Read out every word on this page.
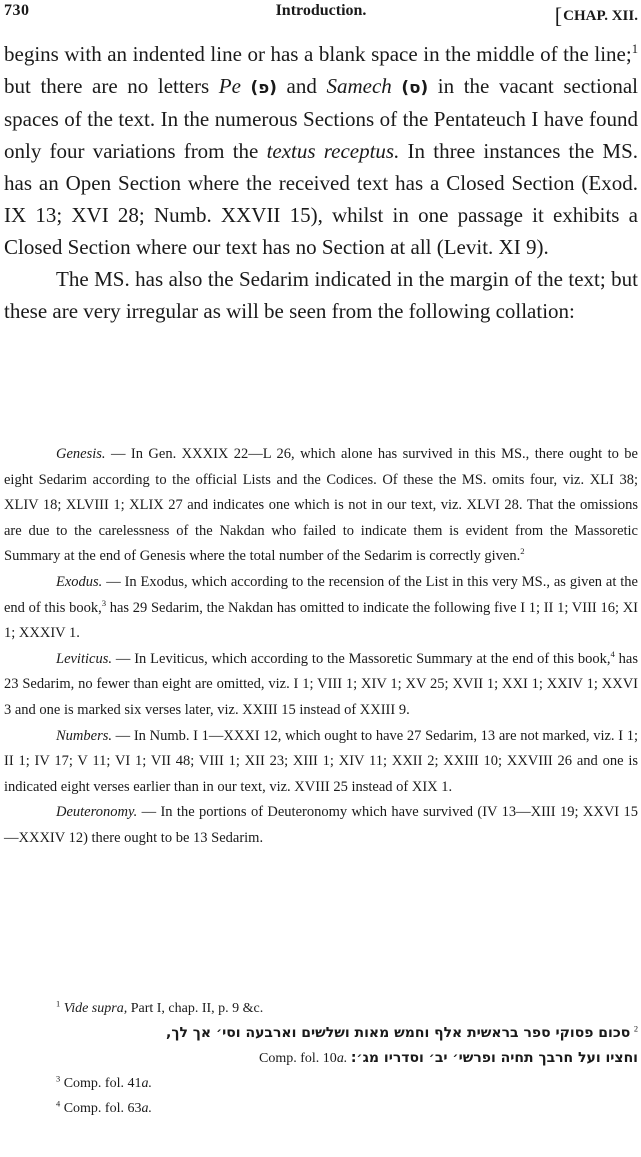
730	Introduction.	[CHAP. XII.

begins with an indented line or has a blank space in the middle of the line;$^1$ but there are no letters Pe (פ) and Samech (ס) in the vacant sectional spaces of the text. In the numerous Sections of the Pentateuch I have found only four variations from the textus receptus. In three instances the MS. has an Open Section where the received text has a Closed Section (Exod. IX 13; XVI 28; Numb. XXVII 15), whilst in one passage it exhibits a Closed Section where our text has no Section at all (Levit. XI 9).

The MS. has also the Sedarim indicated in the margin of the text; but these are very irregular as will be seen from the following collation:

Genesis. — In Gen. XXXIX 22—L 26, which alone has survived in this MS., there ought to be eight Sedarim according to the official Lists and the Codices. Of these the MS. omits four, viz. XLI 38; XLIV 18; XLVIII 1; XLIX 27 and indicates one which is not in our text, viz. XLVI 28. That the omissions are due to the carelessness of the Nakdan who failed to indicate them is evident from the Massoretic Summary at the end of Genesis where the total number of the Sedarim is correctly given.$^2$

Exodus. — In Exodus, which according to the recension of the List in this very MS., as given at the end of this book,$^3$ has 29 Sedarim, the Nakdan has omitted to indicate the following five I 1; II 1; VIII 16; XI 1; XXXIV 1.

Leviticus. — In Leviticus, which according to the Massoretic Summary at the end of this book,$^4$ has 23 Sedarim, no fewer than eight are omitted, viz. I 1; VIII 1; XIV 1; XV 25; XVII 1; XXI 1; XXIV 1; XXVI 3 and one is marked six verses later, viz. XXIII 15 instead of XXIII 9.

Numbers. — In Numb. I 1—XXXI 12, which ought to have 27 Sedarim, 13 are not marked, viz. I 1; II 1; IV 17; V 11; VI 1; VII 48; VIII 1; XII 23; XIII 1; XIV 11; XXII 2; XXIII 10; XXVIII 26 and one is indicated eight verses earlier than in our text, viz. XVIII 25 instead of XIX 1.

Deuteronomy. — In the portions of Deuteronomy which have survived (IV 13—XIII 19; XXVI 15—XXXIV 12) there ought to be 13 Sedarim.

$^1$ Vide supra, Part I, chap. II, p. 9 &c.

סכום פסוקי ספר בראשית אלף וחמש מאות ושלשים וארבעה וסי׳ אך לך, $^2$

Comp. fol. 10a. וחציו ועל חרבך תחיה ופרשי׳ יב׳ וסדריו מג׳:

$^3$ Comp. fol. 41a.

$^4$ Comp. fol. 63a.
